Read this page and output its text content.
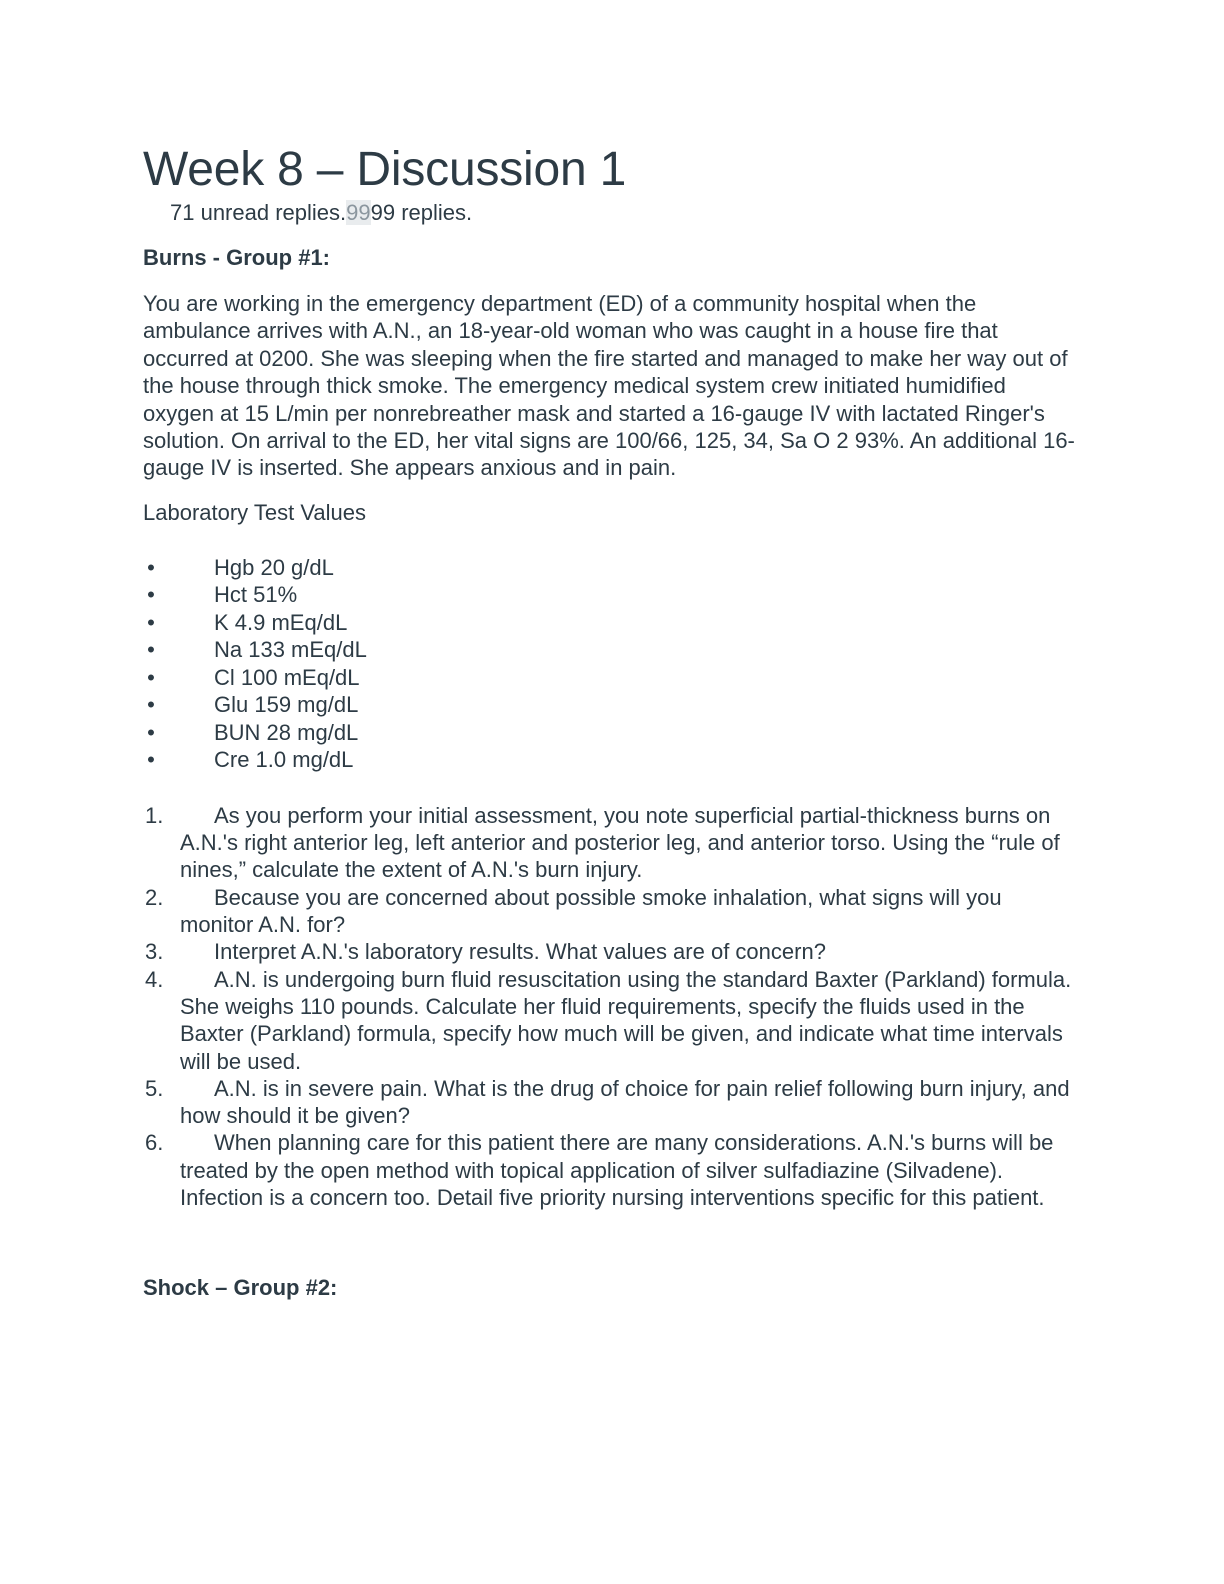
Week 8 – Discussion 1

71 unread replies.9999 replies.

Burns - Group #1:

You are working in the emergency department (ED) of a community hospital when the ambulance arrives with A.N., an 18-year-old woman who was caught in a house fire that occurred at 0200. She was sleeping when the fire started and managed to make her way out of the house through thick smoke. The emergency medical system crew initiated humidified oxygen at 15 L/min per nonrebreather mask and started a 16-gauge IV with lactated Ringer's solution. On arrival to the ED, her vital signs are 100/66, 125, 34, Sa O 2 93%. An additional 16-gauge IV is inserted. She appears anxious and in pain.

Laboratory Test Values

•	Hgb 20 g/dL
•	Hct 51%
•	K 4.9 mEq/dL
•	Na 133 mEq/dL
•	Cl 100 mEq/dL
•	Glu 159 mg/dL
•	BUN 28 mg/dL
•	Cre 1.0 mg/dL
1. As you perform your initial assessment, you note superficial partial-thickness burns on A.N.'s right anterior leg, left anterior and posterior leg, and anterior torso. Using the “rule of nines,” calculate the extent of A.N.'s burn injury.
2. Because you are concerned about possible smoke inhalation, what signs will you monitor A.N. for?
3. Interpret A.N.'s laboratory results. What values are of concern?
4. A.N. is undergoing burn fluid resuscitation using the standard Baxter (Parkland) formula. She weighs 110 pounds. Calculate her fluid requirements, specify the fluids used in the Baxter (Parkland) formula, specify how much will be given, and indicate what time intervals will be used.
5. A.N. is in severe pain. What is the drug of choice for pain relief following burn injury, and how should it be given?
6. When planning care for this patient there are many considerations. A.N.'s burns will be treated by the open method with topical application of silver sulfadiazine (Silvadene). Infection is a concern too. Detail five priority nursing interventions specific for this patient.

Shock – Group #2:
